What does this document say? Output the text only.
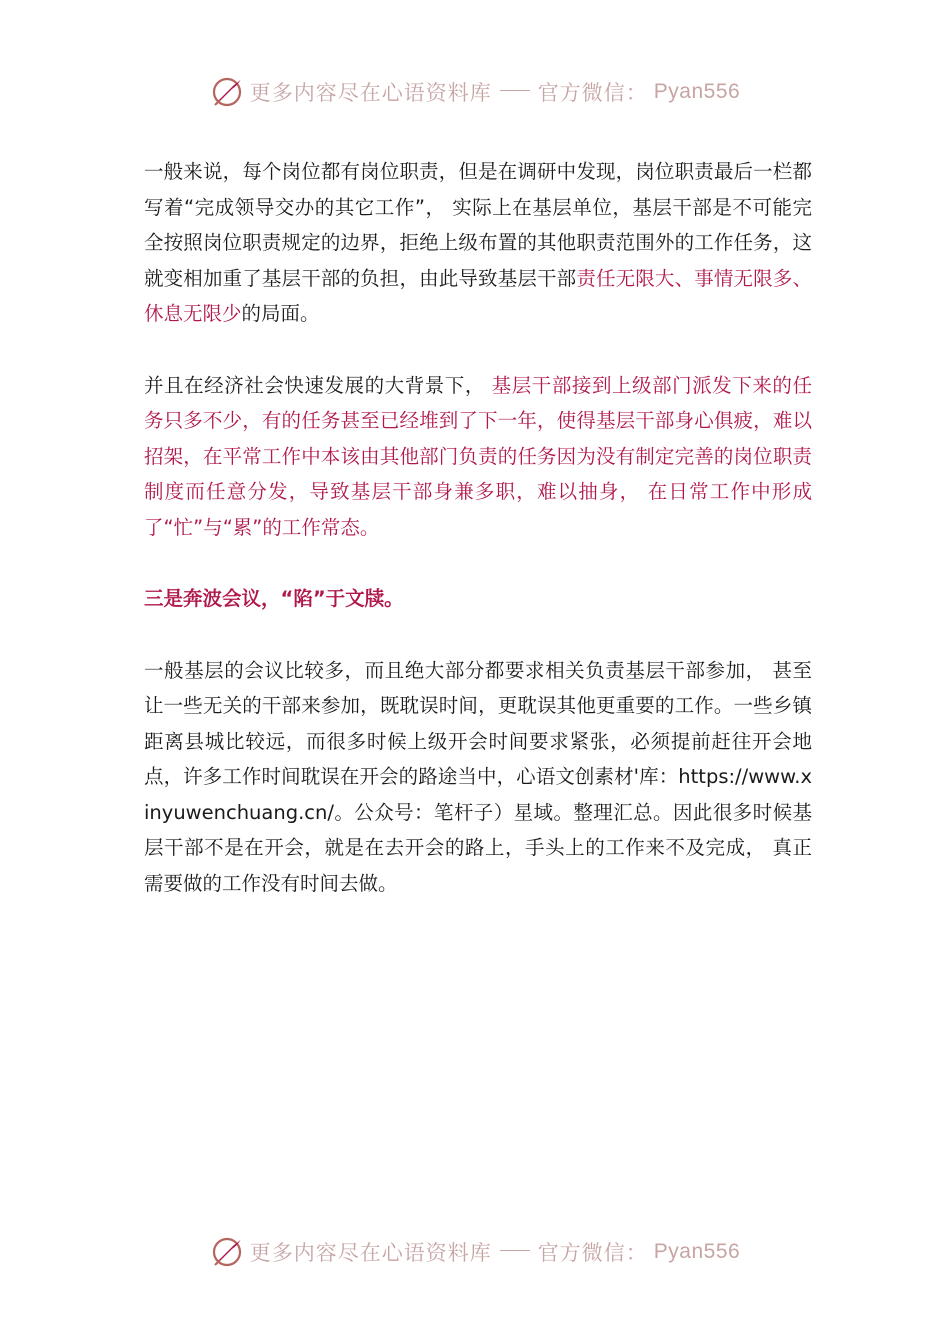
更多内容尽在心语资料库 官方微信： Pyan556

一般来说，每个岗位都有岗位职责，但是在调研中发现，岗位职责最后一栏都写着“完成领导交办的其它工作”， 实际上在基层单位，基层干部是不可能完全按照岗位职责规定的边界，拒绝上级布置的其他职责范围外的工作任务，这就变相加重了基层干部的负担，由此导致基层干部责任无限大、事情无限多、休息无限少的局面。

并且在经济社会快速发展的大背景下， 基层干部接到上级部门派发下来的任务只多不少，有的任务甚至已经堆到了下一年，使得基层干部身心俱疲，难以招架，在平常工作中本该由其他部门负责的任务因为没有制定完善的岗位职责制度而任意分发，导致基层干部身兼多职，难以抽身， 在日常工作中形成了“忙”与“累”的工作常态。

三是奔波会议，“陷”于文牍。

一般基层的会议比较多，而且绝大部分都要求相关负责基层干部参加， 甚至让一些无关的干部来参加，既耽误时间，更耽误其他更重要的工作。一些乡镇距离县城比较远，而很多时候上级开会时间要求紧张，必须提前赶往开会地点，许多工作时间耽误在开会的路途当中，心语文创素材'库：https://www.xinyuwenchuang.cn/。公众号：笔杆子）星域。整理汇总。因此很多时候基层干部不是在开会，就是在去开会的路上，手头上的工作来不及完成， 真正需要做的工作没有时间去做。

更多内容尽在心语资料库 官方微信： Pyan556
